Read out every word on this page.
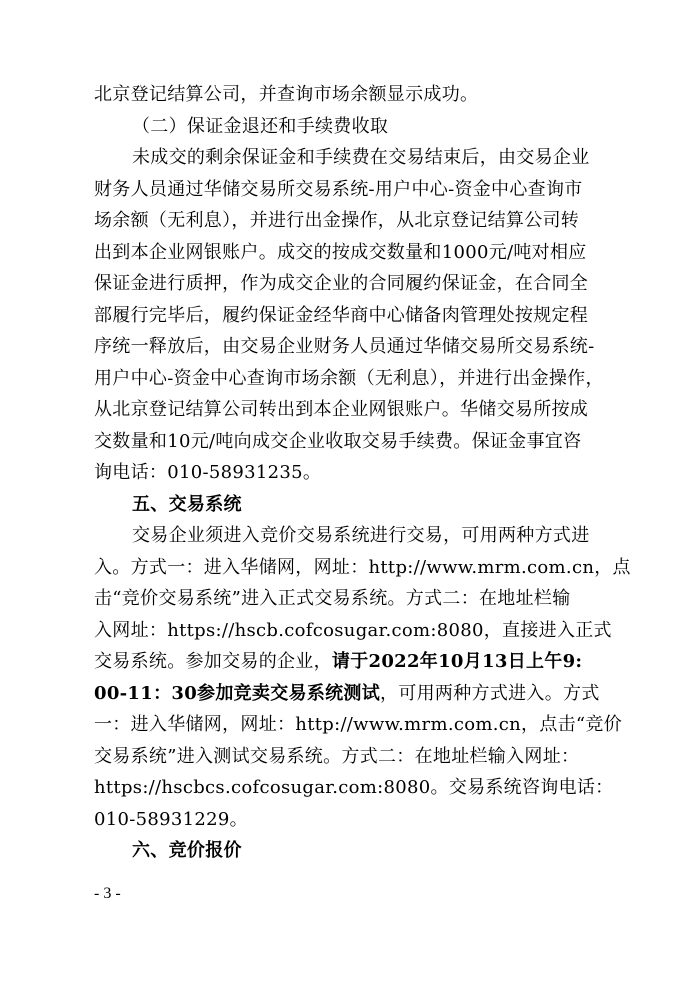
北京登记结算公司，并查询市场余额显示成功。
（二）保证金退还和手续费收取
未成交的剩余保证金和手续费在交易结束后，由交易企业
财务人员通过华储交易所交易系统-用户中心-资金中心查询市
场余额（无利息），并进行出金操作，从北京登记结算公司转
出到本企业网银账户。成交的按成交数量和1000元/吨对相应
保证金进行质押，作为成交企业的合同履约保证金，在合同全
部履行完毕后，履约保证金经华商中心储备肉管理处按规定程
序统一释放后，由交易企业财务人员通过华储交易所交易系统-
用户中心-资金中心查询市场余额（无利息），并进行出金操作，
从北京登记结算公司转出到本企业网银账户。华储交易所按成
交数量和10元/吨向成交企业收取交易手续费。保证金事宜咨
询电话：010-58931235。
五、交易系统
交易企业须进入竞价交易系统进行交易，可用两种方式进
入。方式一：进入华储网，网址：http://www.mrm.com.cn，点
击“竞价交易系统”进入正式交易系统。方式二：在地址栏输
入网址：https://hscb.cofcosugar.com:8080，直接进入正式
交易系统。参加交易的企业，请于2022年10月13日上午9:
00-11：30参加竞卖交易系统测试，可用两种方式进入。方式
一：进入华储网，网址：http://www.mrm.com.cn，点击“竞价
交易系统”进入测试交易系统。方式二：在地址栏输入网址：
https://hscbcs.cofcosugar.com:8080。交易系统咨询电话：
010-58931229。
六、竞价报价
- 3 -
